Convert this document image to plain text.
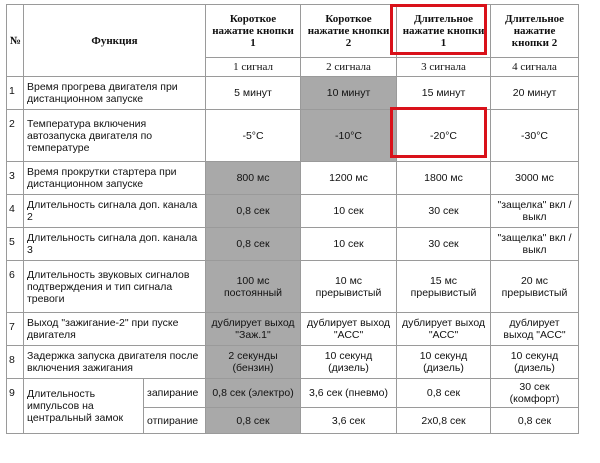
№	Функция		Короткое нажатие кнопки 1	Короткое нажатие кнопки 2	Длительное нажатие кнопки 1	Длительное нажатие кнопки 2
			1 сигнал	2 сигнала	3 сигнала	4 сигнала
1	Время прогрева двигателя при дистанционном запуске		5 минут	10 минут	15 минут	20 минут
2	Температура включения автозапуска двигателя по температуре		-5°C	-10°C	-20°C	-30°C
3	Время прокрутки стартера при дистанционном запуске		800 мс	1200 мс	1800 мс	3000 мс
4	Длительность сигнала доп. канала 2		0,8 сек	10 сек	30 сек	"защелка" вкл / выкл
5	Длительность сигнала доп. канала 3		0,8 сек	10 сек	30 сек	"защелка" вкл / выкл
6	Длительность звуковых сигналов подтверждения и тип сигнала тревоги		100 мс постоянный	10 мс прерывистый	15 мс прерывистый	20 мс прерывистый
7	Выход "зажигание-2" при пуске двигателя		дублирует выход "Заж.1"	дублирует выход "АСС"	дублирует выход "АСС"	дублирует выход "АСС"
8	Задержка запуска двигателя после включения зажигания		2 секунды (бензин)	10 секунд (дизель)	10 секунд (дизель)	10 секунд (дизель)
9	Длительность импульсов на центральный замок	запирание	0,8 сек (электро)	3,6 сек (пневмо)	0,8 сек	30 сек (комфорт)
		отпирание	0,8 сек	3,6 сек	2х0,8 сек	0,8 сек
